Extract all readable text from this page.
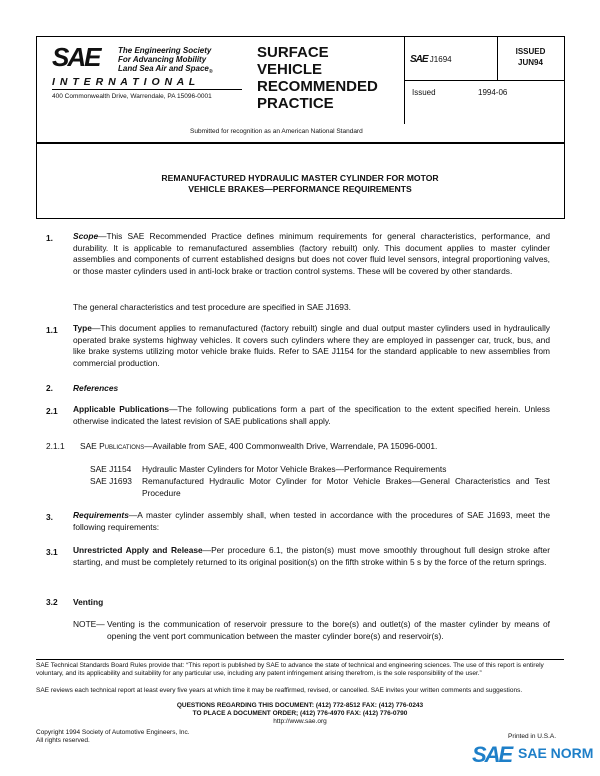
SAE The Engineering Society
For Advancing Mobility
Land Sea Air and Space$_®$
I N T E R N A T I O N A L
400 Commonwealth Drive, Warrendale, PA 15096-0001
SURFACE
VEHICLE
RECOMMENDED
PRACTICE
SAE J1694
ISSUED
JUN94
Issued	1994-06
Submitted for recognition as an American National Standard
REMANUFACTURED HYDRAULIC MASTER CYLINDER FOR MOTOR
VEHICLE BRAKES—PERFORMANCE REQUIREMENTS
1. Scope—This SAE Recommended Practice defines minimum requirements for general characteristics, performance, and durability. It is applicable to remanufactured assemblies (factory rebuilt) only. This document applies to master cylinder assemblies and components of current established designs but does not cover fluid level sensors, integral proportioning valves, or those master cylinders used in anti-lock brake or traction control systems. These will be covered by other standards.
The general characteristics and test procedure are specified in SAE J1693.
1.1 Type—This document applies to remanufactured (factory rebuilt) single and dual output master cylinders used in hydraulically operated brake systems highway vehicles. It covers such cylinders where they are employed in passenger car, truck, bus, and like brake systems utilizing motor vehicle brake fluids. Refer to SAE J1154 for the standard applicable to new assemblies from commercial production.
2. References
2.1 Applicable Publications—The following publications form a part of the specification to the extent specified herein. Unless otherwise indicated the latest revision of SAE publications shall apply.
2.1.1 SAE Publications—Available from SAE, 400 Commonwealth Drive, Warrendale, PA 15096-0001.
SAE J1154 Hydraulic Master Cylinders for Motor Vehicle Brakes—Performance Requirements
SAE J1693	Remanufactured Hydraulic Motor Cylinder for Motor Vehicle Brakes—General Characteristics and Test Procedure
3. Requirements—A master cylinder assembly shall, when tested in accordance with the procedures of SAE J1693, meet the following requirements:
3.1 Unrestricted Apply and Release—Per procedure 6.1, the piston(s) must move smoothly throughout full design stroke after starting, and must be completely returned to its original position(s) on the fifth stroke within 5 s by the force of the return springs.
3.2 Venting
NOTE— Venting is the communication of reservoir pressure to the bore(s) and outlet(s) of the master cylinder by means of opening the vent port communication between the master cylinder bore(s) and reservoir(s).
SAE Technical Standards Board Rules provide that: “This report is published by SAE to advance the state of technical and engineering sciences. The use of this report is entirely voluntary, and its applicability and suitability for any particular use, including any patent infringement arising therefrom, is the sole responsibility of the user.”
SAE reviews each technical report at least every five years at which time it may be reaffirmed, revised, or cancelled. SAE invites your written comments and suggestions.
QUESTIONS REGARDING THIS DOCUMENT: (412) 772-8512 FAX: (412) 776-0243
TO PLACE A DOCUMENT ORDER; (412) 776-4970 FAX: (412) 776-0790
http://www.sae.org
Copyright 1994 Society of Automotive Engineers, Inc.
All rights reserved.
Printed in U.S.A.
SAE SAE NORM
